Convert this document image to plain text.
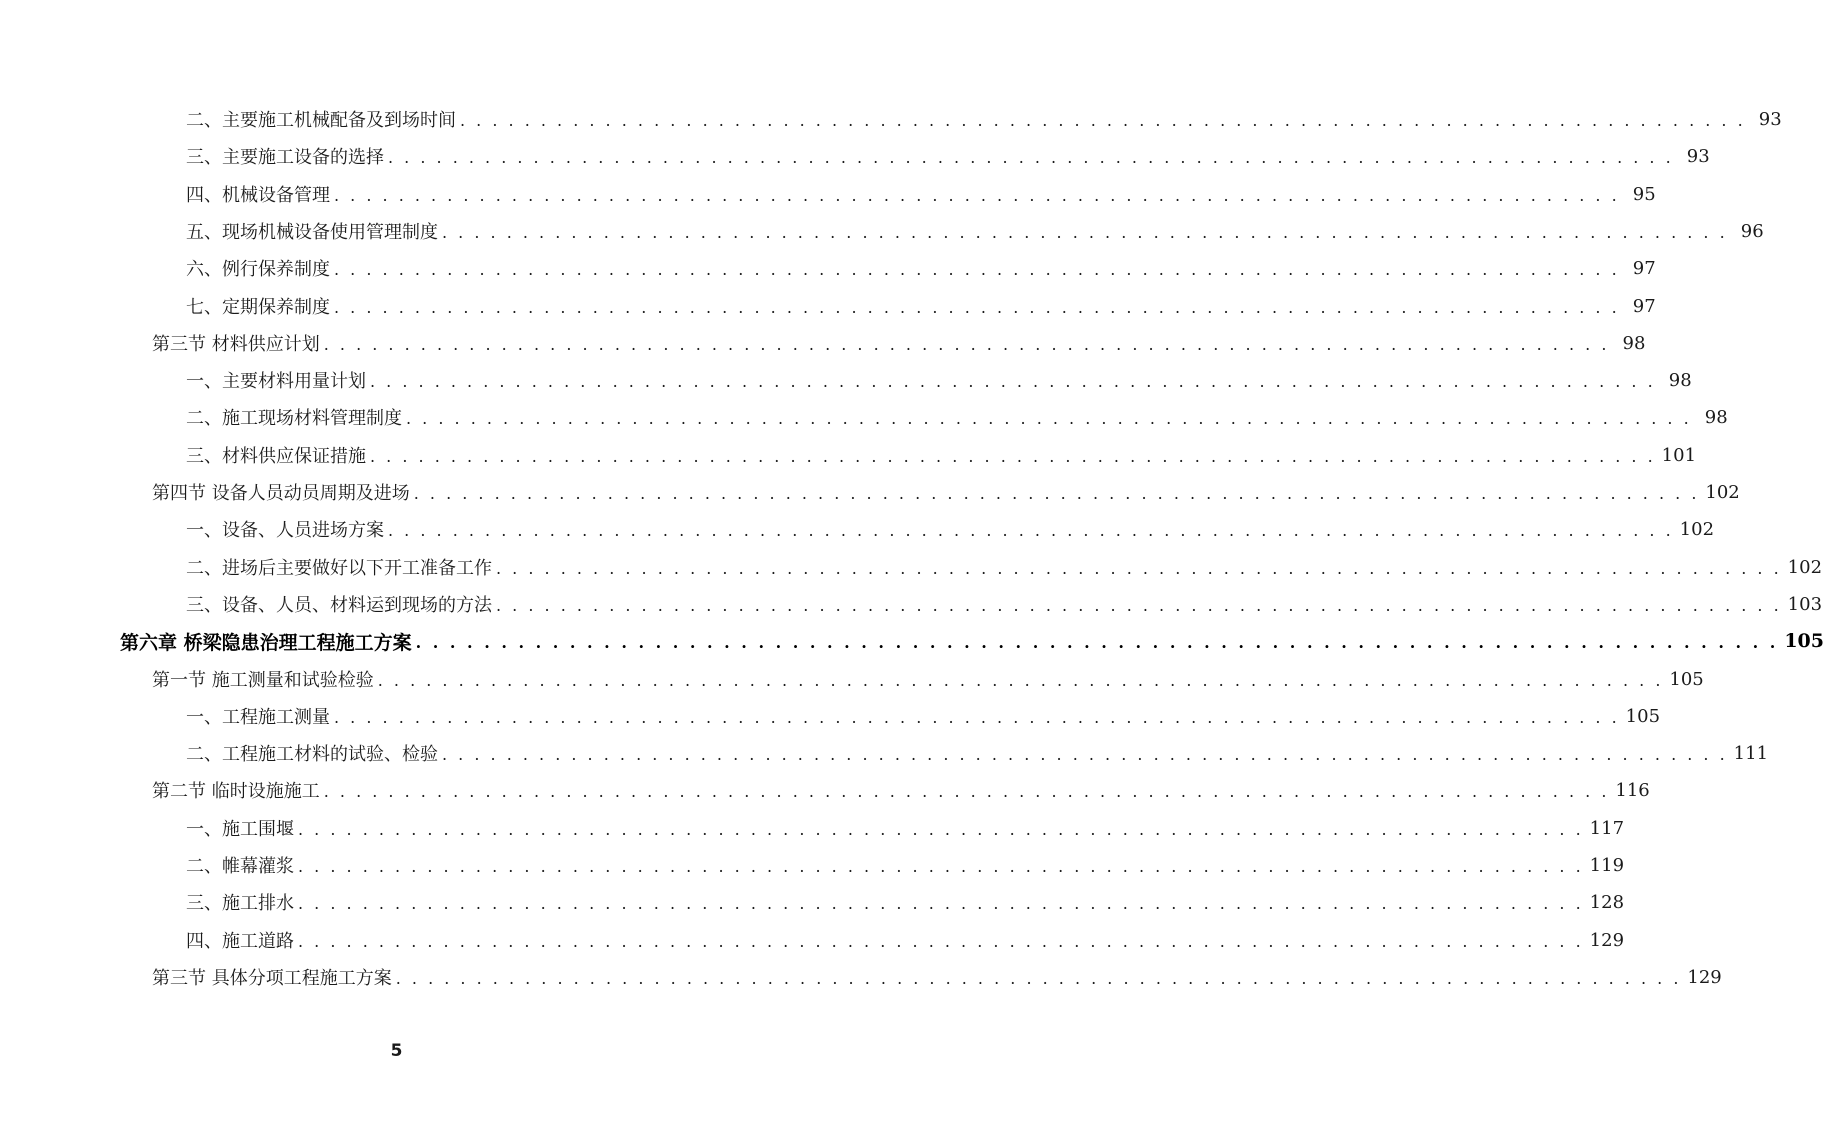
二、主要施工机械配备及到场时间 . . . . . . . . . . . . . . . . . . . . . . . . . . . . . . . . . . . . . . . . . . . . . . . . . . . . . . . . . . . . . . . . . . . . . . . . . . . . . . . . 93
三、主要施工设备的选择 . . . . . . . . . . . . . . . . . . . . . . . . . . . . . . . . . . . . . . . . . . . . . . . . . . . . . . . . . . . . . . . . . . . . . . . . . . . . . . . . 93
四、机械设备管理 . . . . . . . . . . . . . . . . . . . . . . . . . . . . . . . . . . . . . . . . . . . . . . . . . . . . . . . . . . . . . . . . . . . . . . . . . . . . . . . . 95
五、现场机械设备使用管理制度 . . . . . . . . . . . . . . . . . . . . . . . . . . . . . . . . . . . . . . . . . . . . . . . . . . . . . . . . . . . . . . . . . . . . . . . . . . . . . . . . 96
六、例行保养制度 . . . . . . . . . . . . . . . . . . . . . . . . . . . . . . . . . . . . . . . . . . . . . . . . . . . . . . . . . . . . . . . . . . . . . . . . . . . . . . . . 97
七、定期保养制度 . . . . . . . . . . . . . . . . . . . . . . . . . . . . . . . . . . . . . . . . . . . . . . . . . . . . . . . . . . . . . . . . . . . . . . . . . . . . . . . . 97
第三节 材料供应计划 . . . . . . . . . . . . . . . . . . . . . . . . . . . . . . . . . . . . . . . . . . . . . . . . . . . . . . . . . . . . . . . . . . . . . . . . . . . . . . . . 98
一、主要材料用量计划 . . . . . . . . . . . . . . . . . . . . . . . . . . . . . . . . . . . . . . . . . . . . . . . . . . . . . . . . . . . . . . . . . . . . . . . . . . . . . . . . 98
二、施工现场材料管理制度 . . . . . . . . . . . . . . . . . . . . . . . . . . . . . . . . . . . . . . . . . . . . . . . . . . . . . . . . . . . . . . . . . . . . . . . . . . . . . . . . 98
三、材料供应保证措施 . . . . . . . . . . . . . . . . . . . . . . . . . . . . . . . . . . . . . . . . . . . . . . . . . . . . . . . . . . . . . . . . . . . . . . . . . . . . . . . . 101
第四节 设备人员动员周期及进场 . . . . . . . . . . . . . . . . . . . . . . . . . . . . . . . . . . . . . . . . . . . . . . . . . . . . . . . . . . . . . . . . . . . . . . . . . . . . . . . . 102
一、设备、人员进场方案 . . . . . . . . . . . . . . . . . . . . . . . . . . . . . . . . . . . . . . . . . . . . . . . . . . . . . . . . . . . . . . . . . . . . . . . . . . . . . . . . 102
二、进场后主要做好以下开工准备工作 . . . . . . . . . . . . . . . . . . . . . . . . . . . . . . . . . . . . . . . . . . . . . . . . . . . . . . . . . . . . . . . . . . . . . . . . . . . . . . . . 102
三、设备、人员、材料运到现场的方法 . . . . . . . . . . . . . . . . . . . . . . . . . . . . . . . . . . . . . . . . . . . . . . . . . . . . . . . . . . . . . . . . . . . . . . . . . . . . . . . . 103
第六章 桥梁隐患治理工程施工方案 . . . . . . . . . . . . . . . . . . . . . . . . . . . . . . . . . . . . . . . . . . . . . . . . . . . . . . . . . . . . . . . . . . . . . . . . . . . . . . . . 105
第一节 施工测量和试验检验 . . . . . . . . . . . . . . . . . . . . . . . . . . . . . . . . . . . . . . . . . . . . . . . . . . . . . . . . . . . . . . . . . . . . . . . . . . . . . . . . 105
一、工程施工测量 . . . . . . . . . . . . . . . . . . . . . . . . . . . . . . . . . . . . . . . . . . . . . . . . . . . . . . . . . . . . . . . . . . . . . . . . . . . . . . . . 105
二、工程施工材料的试验、检验 . . . . . . . . . . . . . . . . . . . . . . . . . . . . . . . . . . . . . . . . . . . . . . . . . . . . . . . . . . . . . . . . . . . . . . . . . . . . . . . . 111
第二节 临时设施施工 . . . . . . . . . . . . . . . . . . . . . . . . . . . . . . . . . . . . . . . . . . . . . . . . . . . . . . . . . . . . . . . . . . . . . . . . . . . . . . . . 116
一、施工围堰 . . . . . . . . . . . . . . . . . . . . . . . . . . . . . . . . . . . . . . . . . . . . . . . . . . . . . . . . . . . . . . . . . . . . . . . . . . . . . . . . 117
二、帷幕灌浆 . . . . . . . . . . . . . . . . . . . . . . . . . . . . . . . . . . . . . . . . . . . . . . . . . . . . . . . . . . . . . . . . . . . . . . . . . . . . . . . . 119
三、施工排水 . . . . . . . . . . . . . . . . . . . . . . . . . . . . . . . . . . . . . . . . . . . . . . . . . . . . . . . . . . . . . . . . . . . . . . . . . . . . . . . . 128
四、施工道路 . . . . . . . . . . . . . . . . . . . . . . . . . . . . . . . . . . . . . . . . . . . . . . . . . . . . . . . . . . . . . . . . . . . . . . . . . . . . . . . . 129
第三节 具体分项工程施工方案 . . . . . . . . . . . . . . . . . . . . . . . . . . . . . . . . . . . . . . . . . . . . . . . . . . . . . . . . . . . . . . . . . . . . . . . . . . . . . . . . 129
5
